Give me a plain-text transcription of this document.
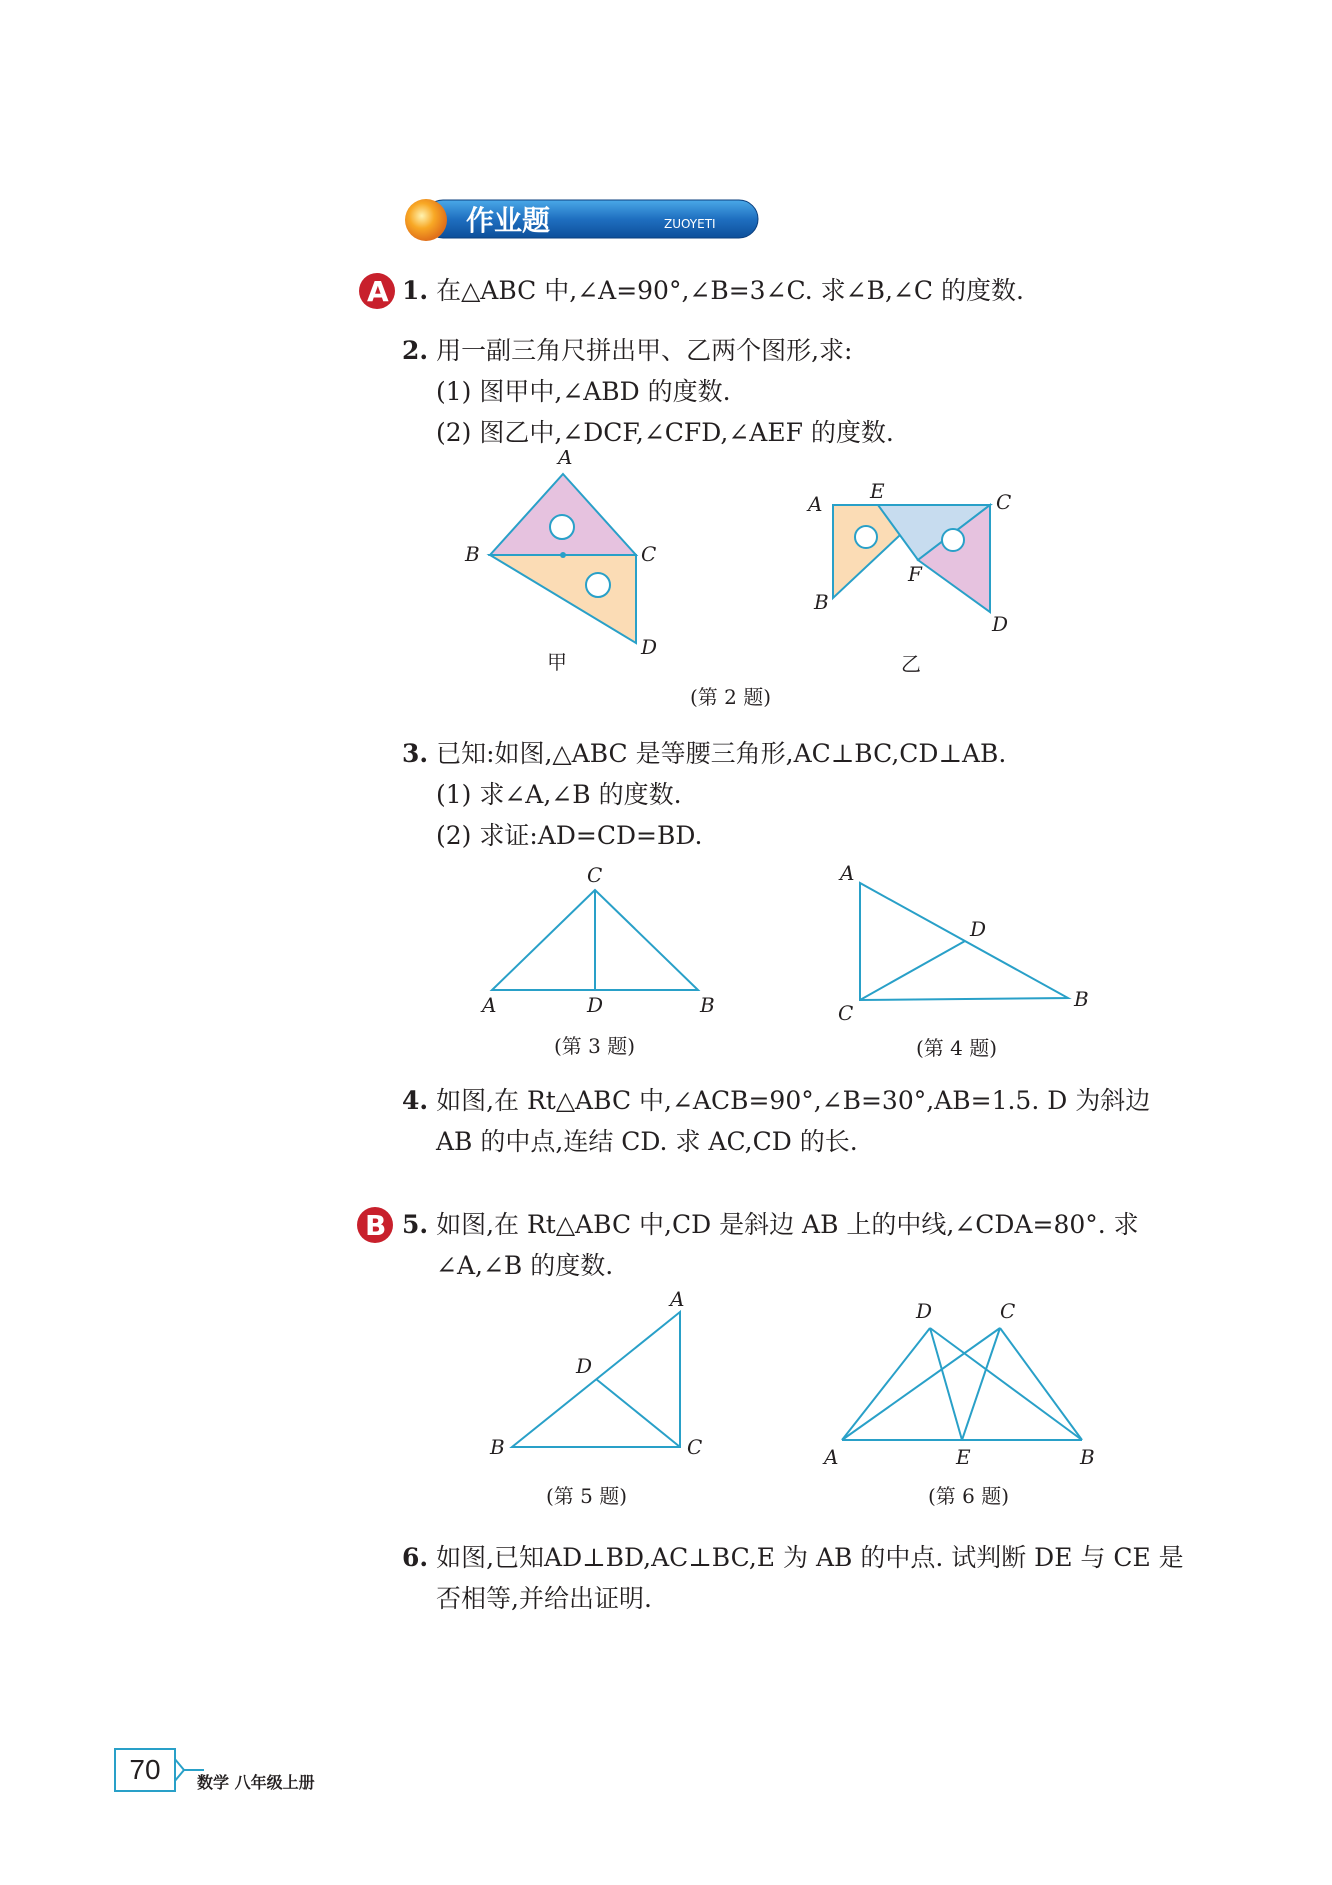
作业题	ZUOYETI
A 1. 在△ABC 中,∠A=90°,∠B=3∠C. 求∠B,∠C 的度数.
2. 用一副三角尺拼出甲、乙两个图形,求:
(1) 图甲中,∠ABD 的度数.
(2) 图乙中,∠DCF,∠CFD,∠AEF 的度数.
A
B	C
D
甲
A
E	C
F
B
D
乙
(第 2 题)
3. 已知:如图,△ABC 是等腰三角形,AC⊥BC,CD⊥AB.
(1) 求∠A,∠B 的度数.
(2) 求证:AD=CD=BD.
C
A	D	B
(第 3 题)
A
D
C
B
(第 4 题)
4. 如图,在 Rt△ABC 中,∠ACB=90°,∠B=30°,AB=1.5. D 为斜边
AB 的中点,连结 CD. 求 AC,CD 的长.
B 5. 如图,在 Rt△ABC 中,CD 是斜边 AB 上的中线,∠CDA=80°. 求
∠A,∠B 的度数.
A
D
B	C
(第 5 题)
D	C
A	E	B
(第 6 题)
6. 如图,已知AD⊥BD,AC⊥BC,E 为 AB 的中点. 试判断 DE 与 CE 是
否相等,并给出证明.
70	数学 八年级上册
